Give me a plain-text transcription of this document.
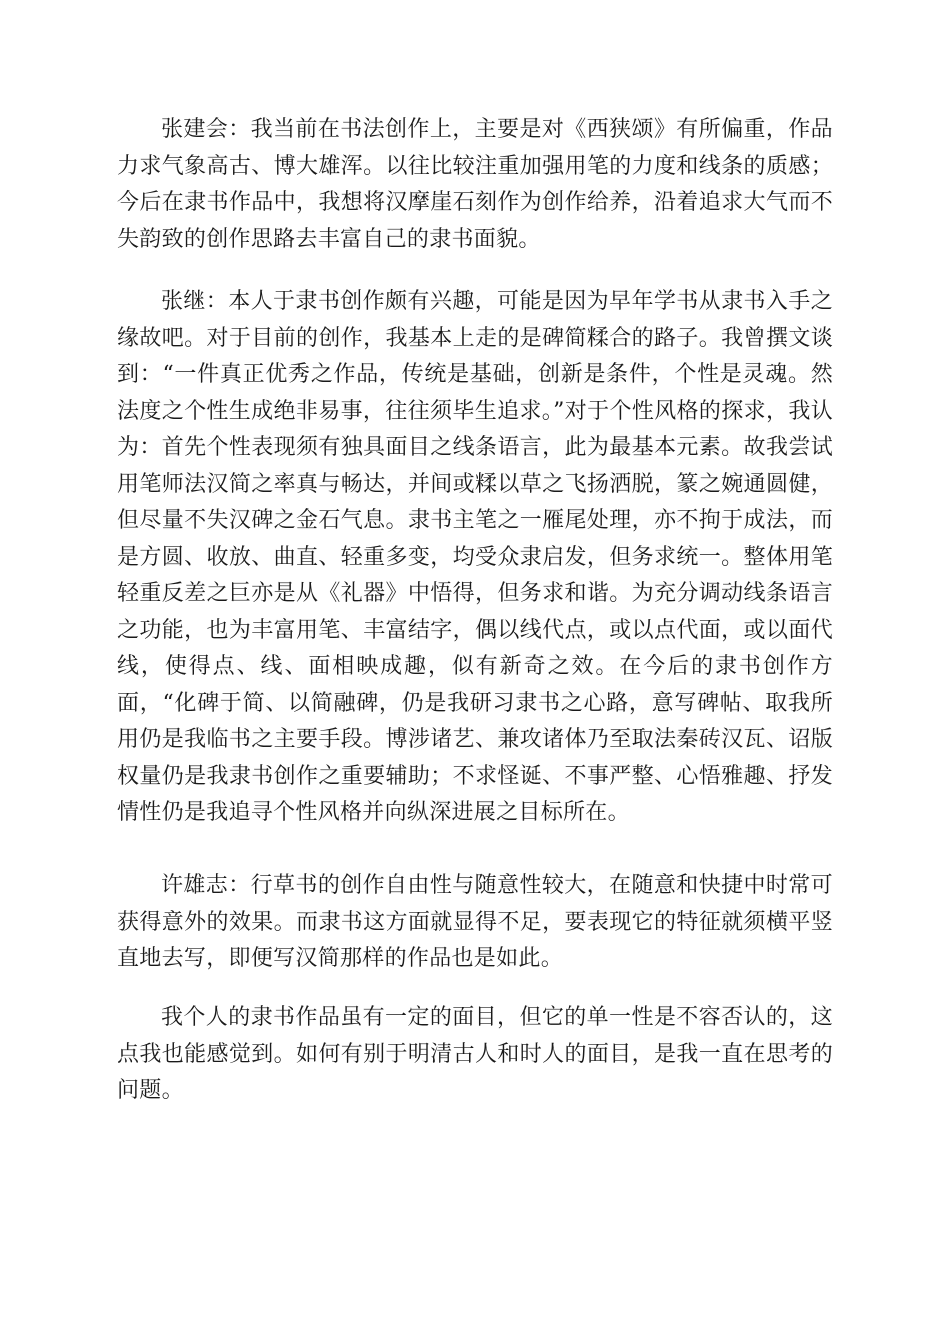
张建会：我当前在书法创作上，主要是对《西狭颂》有所偏重，作品力求气象高古、博大雄浑。以往比较注重加强用笔的力度和线条的质感；今后在隶书作品中，我想将汉摩崖石刻作为创作给养，沿着追求大气而不失韵致的创作思路去丰富自己的隶书面貌。

张继：本人于隶书创作颇有兴趣，可能是因为早年学书从隶书入手之缘故吧。对于目前的创作，我基本上走的是碑简糅合的路子。我曾撰文谈到：“一件真正优秀之作品，传统是基础，创新是条件，个性是灵魂。然法度之个性生成绝非易事，往往须毕生追求。”对于个性风格的探求，我认为：首先个性表现须有独具面目之线条语言，此为最基本元素。故我尝试用笔师法汉简之率真与畅达，并间或糅以草之飞扬洒脱，篆之婉通圆健，但尽量不失汉碑之金石气息。隶书主笔之一雁尾处理，亦不拘于成法，而是方圆、收放、曲直、轻重多变，均受众隶启发，但务求统一。整体用笔轻重反差之巨亦是从《礼器》中悟得，但务求和谐。为充分调动线条语言之功能，也为丰富用笔、丰富结字，偶以线代点，或以点代面，或以面代线，使得点、线、面相映成趣，似有新奇之效。在今后的隶书创作方面，“化碑于简、以简融碑，仍是我研习隶书之心路，意写碑帖、取我所用仍是我临书之主要手段。博涉诸艺、兼攻诸体乃至取法秦砖汉瓦、诏版权量仍是我隶书创作之重要辅助；不求怪诞、不事严整、心悟雅趣、抒发情性仍是我追寻个性风格并向纵深进展之目标所在。

许雄志：行草书的创作自由性与随意性较大，在随意和快捷中时常可获得意外的效果。而隶书这方面就显得不足，要表现它的特征就须横平竖直地去写，即便写汉简那样的作品也是如此。

我个人的隶书作品虽有一定的面目，但它的单一性是不容否认的，这点我也能感觉到。如何有别于明清古人和时人的面目，是我一直在思考的问题。
